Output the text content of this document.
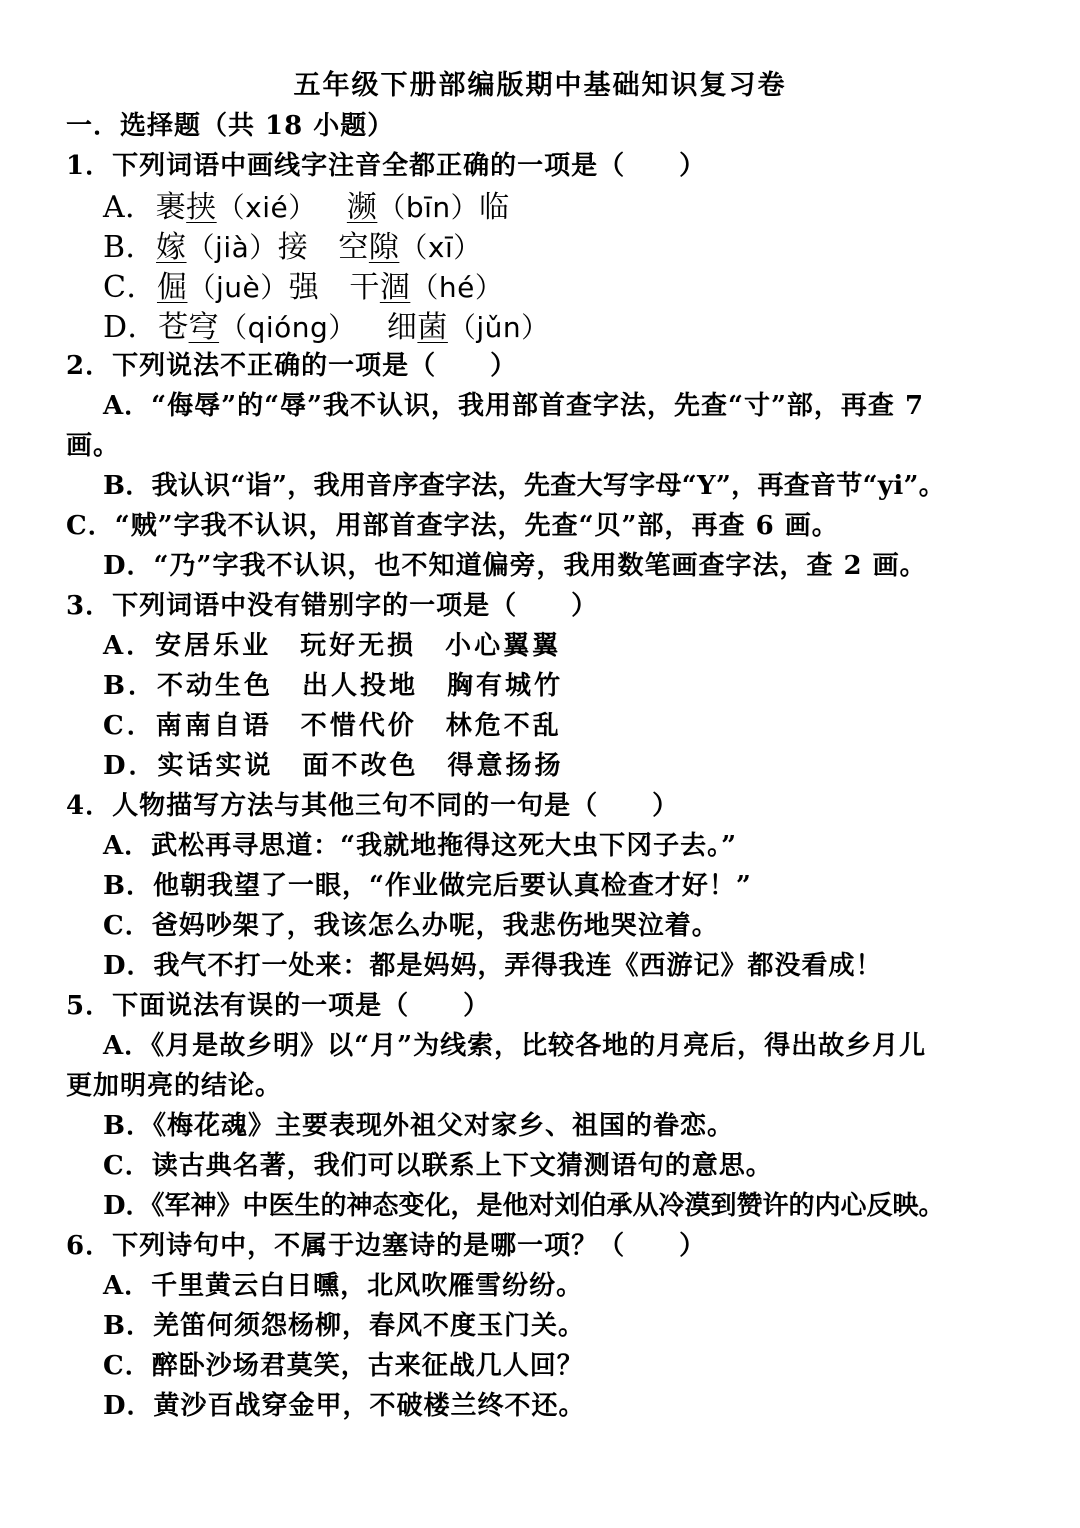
五年级下册部编版期中基础知识复习卷
一．选择题（共 18 小题）
1．下列词语中画线字注音全都正确的一项是（　　）
A．裹挟（xié） 濒（bīn）临
B．嫁（jià）接 空隙（xī）
C．倔（juè）强 干涸（hé）
D．苍穹（qióng） 细菌（jǔn）
2．下列说法不正确的一项是（　　）
A．“侮辱”的“辱”我不认识，我用部首查字法，先查“寸”部，再查 7
画。
B．我认识“诣”，我用音序查字法，先查大写字母“Y”，再查音节“yi”。
C．“贼”字我不认识，用部首查字法，先查“贝”部，再查 6 画。
D．“乃”字我不认识，也不知道偏旁，我用数笔画查字法，查 2 画。
3．下列词语中没有错别字的一项是（　　）
A．安居乐业　玩好无损　小心翼翼
B．不动生色　出人投地　胸有城竹
C．南南自语　不惜代价　林危不乱
D．实话实说　面不改色　得意扬扬
4．人物描写方法与其他三句不同的一句是（　　）
A．武松再寻思道：“我就地拖得这死大虫下冈子去。”
B．他朝我望了一眼，“作业做完后要认真检查才好！”
C．爸妈吵架了，我该怎么办呢，我悲伤地哭泣着。
D．我气不打一处来：都是妈妈，弄得我连《西游记》都没看成！
5．下面说法有误的一项是（　　）
A．《月是故乡明》以“月”为线索，比较各地的月亮后，得出故乡月儿
更加明亮的结论。
B．《梅花魂》主要表现外祖父对家乡、祖国的眷恋。
C．读古典名著，我们可以联系上下文猜测语句的意思。
D．《军神》中医生的神态变化，是他对刘伯承从冷漠到赞许的内心反映。
6．下列诗句中，不属于边塞诗的是哪一项？（　　）
A．千里黄云白日曛，北风吹雁雪纷纷。
B．羌笛何须怨杨柳，春风不度玉门关。
C．醉卧沙场君莫笑，古来征战几人回？
D．黄沙百战穿金甲，不破楼兰终不还。
